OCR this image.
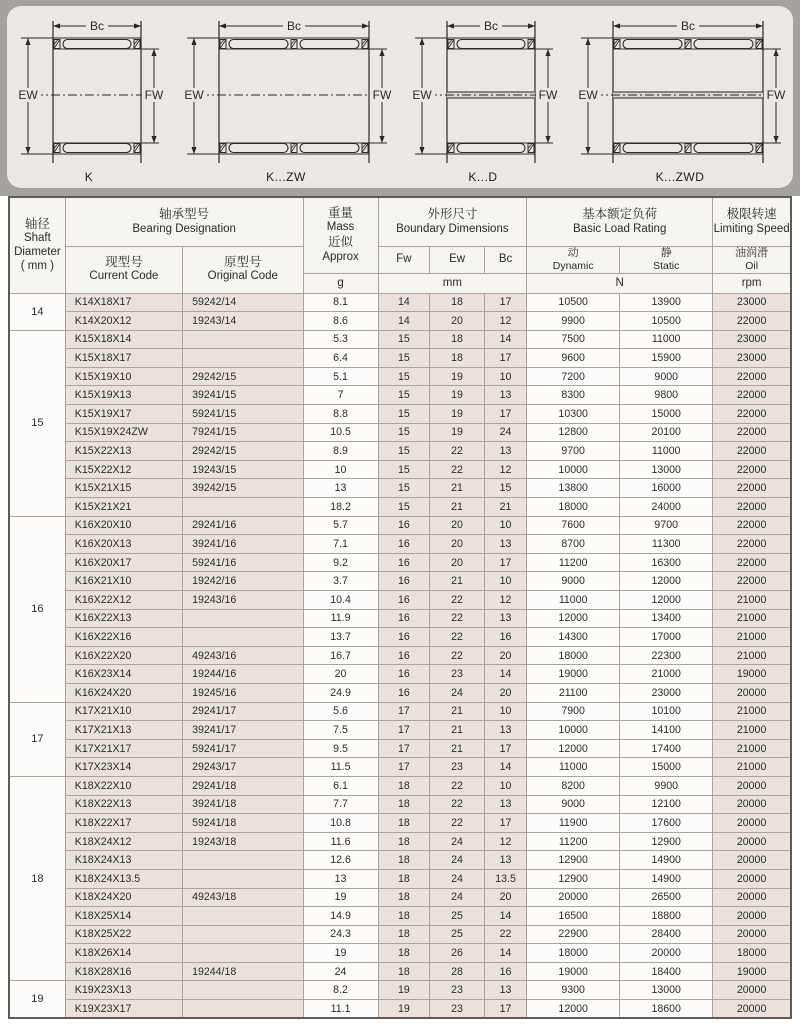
Bc
EW	FW
K
Bc
EW	FW
K...ZW
Bc
EW	FW
K...D
Bc
EW	FW
K...ZWD
轴径
Shaft
Diameter
( mm )	轴承型号
Bearing Designation		重量
Mass
近似
Approx	外形尺寸
Boundary Dimensions			基本额定负荷
Basic Load Rating		极限转速
Limiting Speed

	现型号
Current Code	原型号
Original Code		Fw	Ew	Bc	动
Dynamic	静
Static	油润滑
Oil

			g	mm			N		rpm
14	K14X18X17	59242/14	8.1	14	18	17	10500	13900	23000
	K14X20X12	19243/14	8.6	14	20	12	9900	10500	22000
15	K15X18X14		5.3	15	18	14	7500	11000	23000
	K15X18X17		6.4	15	18	17	9600	15900	23000
	K15X19X10	29242/15	5.1	15	19	10	7200	9000	22000
	K15X19X13	39241/15	7	15	19	13	8300	9800	22000
	K15X19X17	59241/15	8.8	15	19	17	10300	15000	22000
	K15X19X24ZW	79241/15	10.5	15	19	24	12800	20100	22000
	K15X22X13	29242/15	8.9	15	22	13	9700	11000	22000
	K15X22X12	19243/15	10	15	22	12	10000	13000	22000
	K15X21X15	39242/15	13	15	21	15	13800	16000	22000
	K15X21X21		18.2	15	21	21	18000	24000	22000
16	K16X20X10	29241/16	5.7	16	20	10	7600	9700	22000
	K16X20X13	39241/16	7.1	16	20	13	8700	11300	22000
	K16X20X17	59241/16	9.2	16	20	17	11200	16300	22000
	K16X21X10	19242/16	3.7	16	21	10	9000	12000	22000
	K16X22X12	19243/16	10.4	16	22	12	11000	12000	21000
	K16X22X13		11.9	16	22	13	12000	13400	21000
	K16X22X16		13.7	16	22	16	14300	17000	21000
	K16X22X20	49243/16	16.7	16	22	20	18000	22300	21000
	K16X23X14	19244/16	20	16	23	14	19000	21000	19000
	K16X24X20	19245/16	24.9	16	24	20	21100	23000	20000
17	K17X21X10	29241/17	5.6	17	21	10	7900	10100	21000
	K17X21X13	39241/17	7.5	17	21	13	10000	14100	21000
	K17X21X17	59241/17	9.5	17	21	17	12000	17400	21000
	K17X23X14	29243/17	11.5	17	23	14	11000	15000	21000
18	K18X22X10	29241/18	6.1	18	22	10	8200	9900	20000
	K18X22X13	39241/18	7.7	18	22	13	9000	12100	20000
	K18X22X17	59241/18	10.8	18	22	17	11900	17600	20000
	K18X24X12	19243/18	11.6	18	24	12	11200	12900	20000
	K18X24X13		12.6	18	24	13	12900	14900	20000
	K18X24X13.5		13	18	24	13.5	12900	14900	20000
	K18X24X20	49243/18	19	18	24	20	20000	26500	20000
	K18X25X14		14.9	18	25	14	16500	18800	20000
	K18X25X22		24.3	18	25	22	22900	28400	20000
	K18X26X14		19	18	26	14	18000	20000	18000
	K18X28X16	19244/18	24	18	28	16	19000	18400	19000
19	K19X23X13		8.2	19	23	13	9300	13000	20000
	K19X23X17		11.1	19	23	17	12000	18600	20000
